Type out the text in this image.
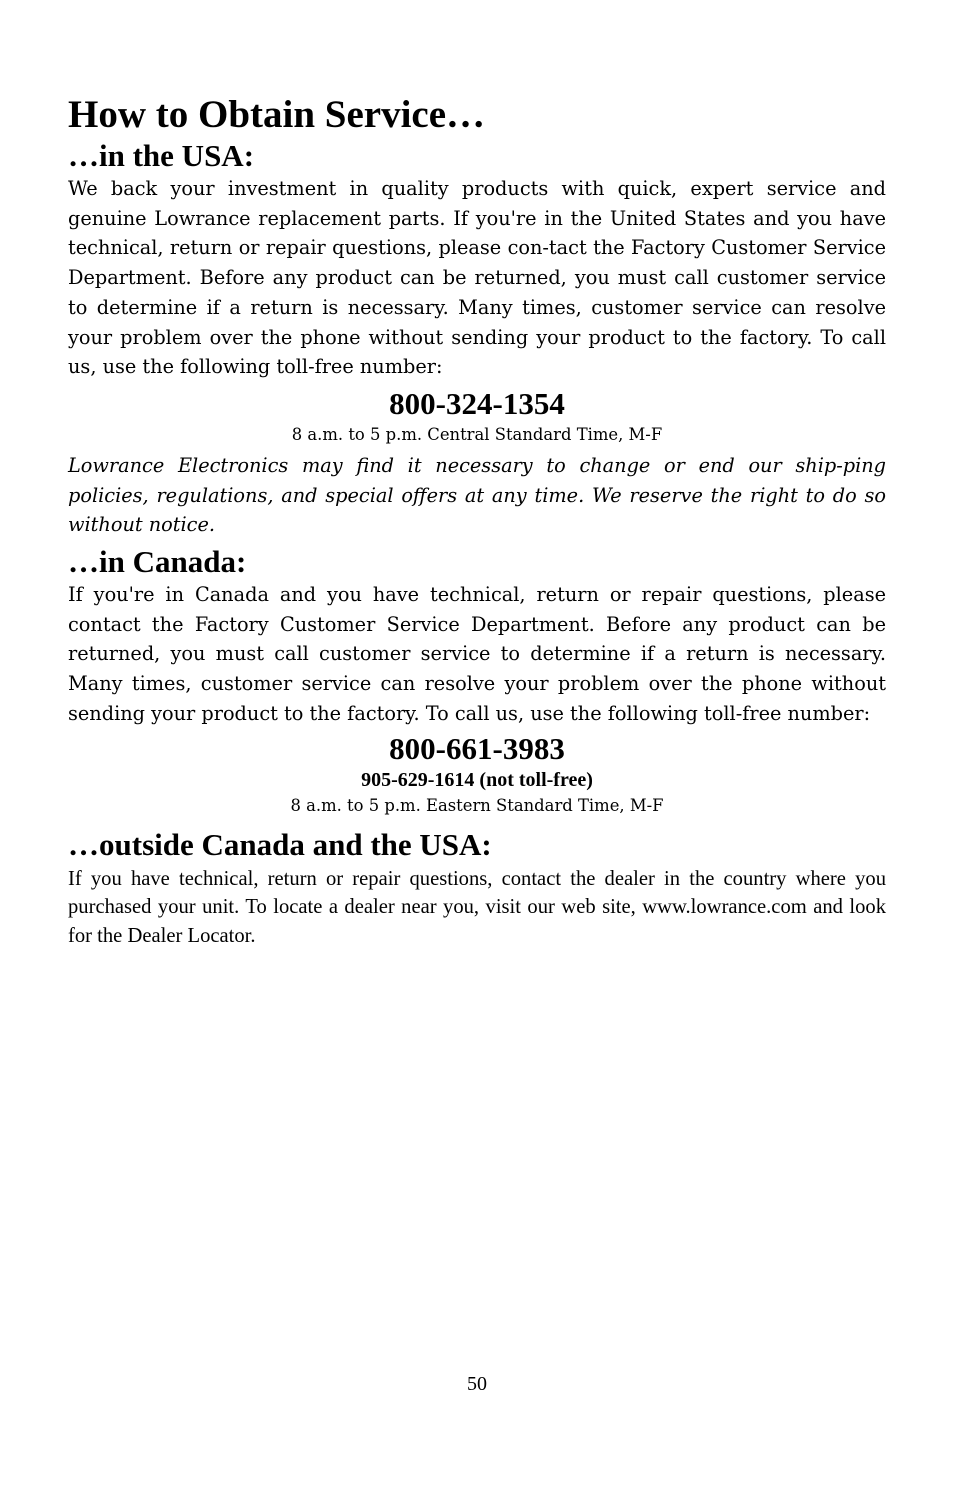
How to Obtain Service…
…in the USA:

We back your investment in quality products with quick, expert service and genuine Lowrance replacement parts. If you're in the United States and you have technical, return or repair questions, please con-tact the Factory Customer Service Department. Before any product can be returned, you must call customer service to determine if a return is necessary. Many times, customer service can resolve your problem over the phone without sending your product to the factory. To call us, use the following toll-free number:

800-324-1354
8 a.m. to 5 p.m. Central Standard Time, M-F

Lowrance Electronics may find it necessary to change or end our ship-ping policies, regulations, and special offers at any time. We reserve the right to do so without notice.

…in Canada:

If you're in Canada and you have technical, return or repair questions, please contact the Factory Customer Service Department. Before any product can be returned, you must call customer service to determine if a return is necessary. Many times, customer service can resolve your problem over the phone without sending your product to the factory. To call us, use the following toll-free number:

800-661-3983
905-629-1614 (not toll-free)
8 a.m. to 5 p.m. Eastern Standard Time, M-F
…outside Canada and the USA:

If you have technical, return or repair questions, contact the dealer in the country where you purchased your unit. To locate a dealer near you, visit our web site, www.lowrance.com and look for the Dealer Locator.

50
